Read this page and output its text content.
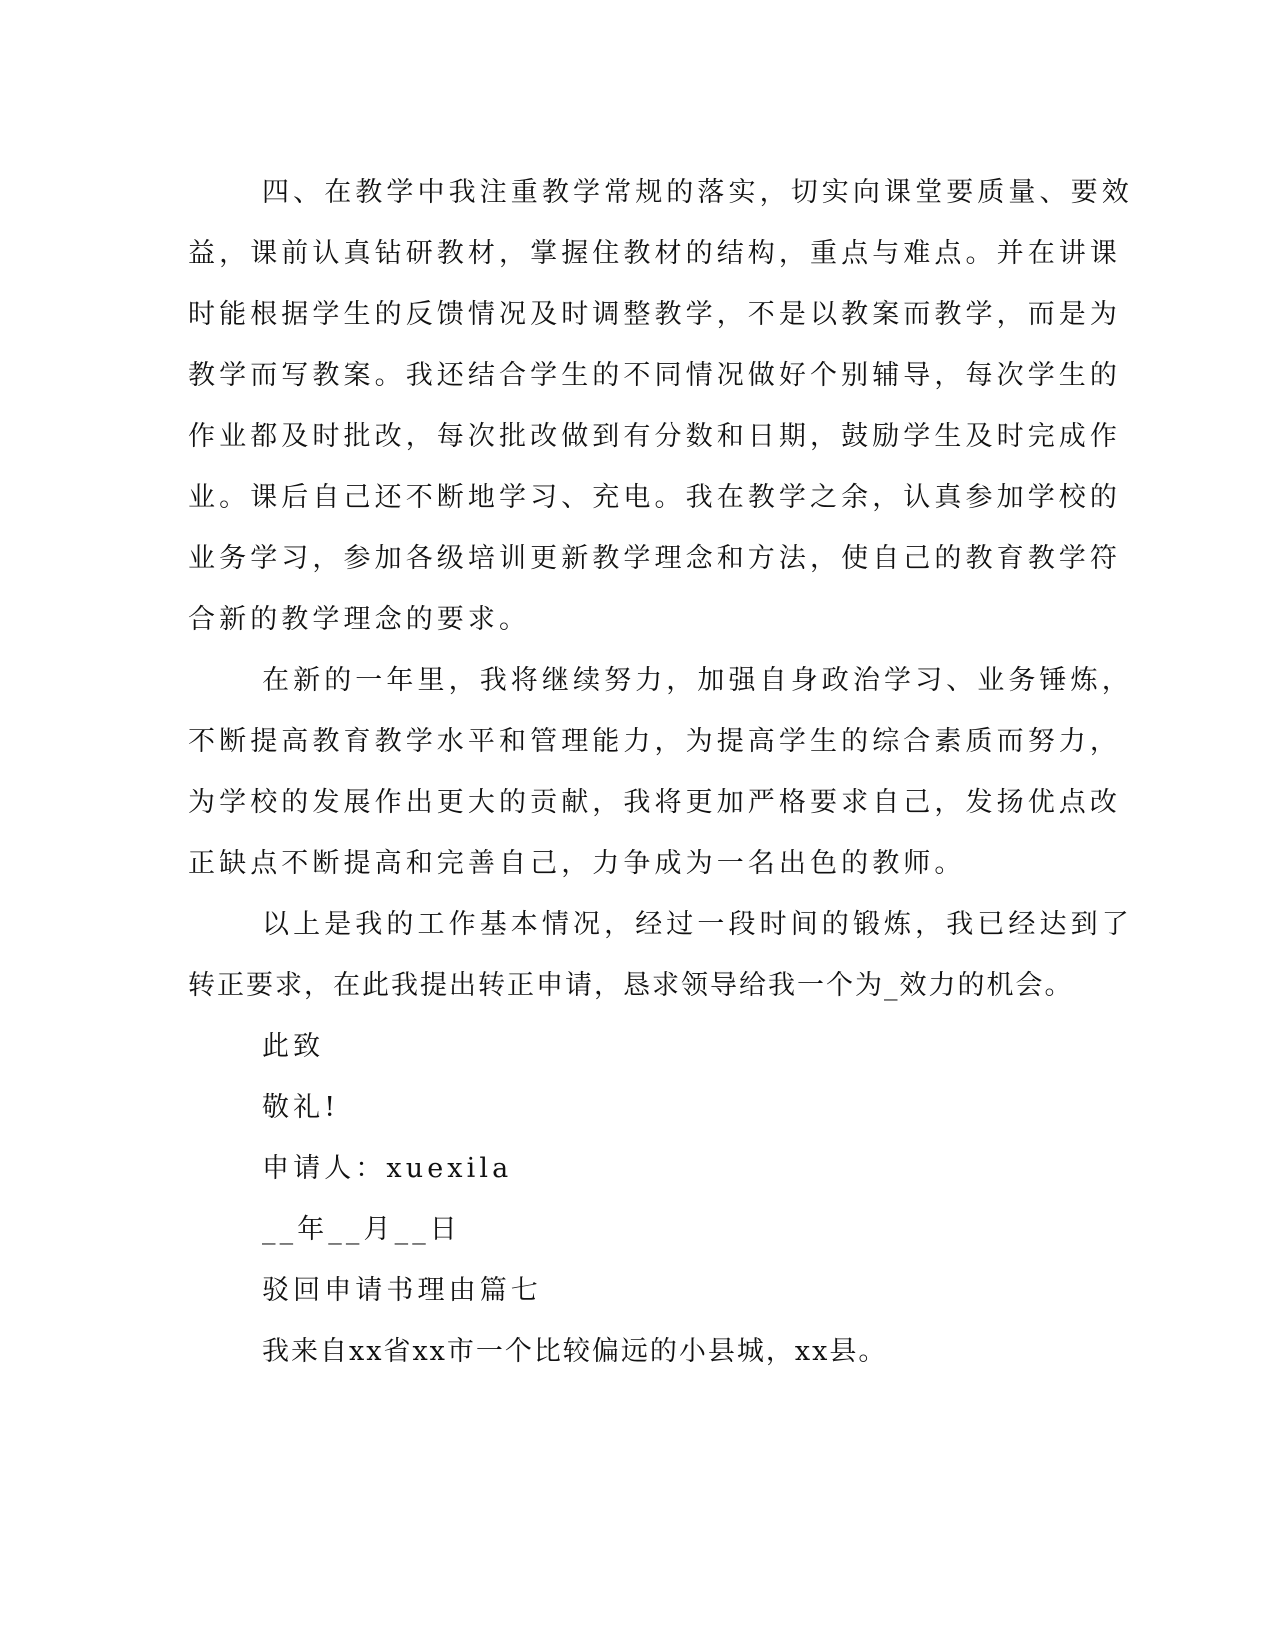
四、在教学中我注重教学常规的落实，切实向课堂要质量、要效
益，课前认真钻研教材，掌握住教材的结构，重点与难点。并在讲课
时能根据学生的反馈情况及时调整教学，不是以教案而教学，而是为
教学而写教案。我还结合学生的不同情况做好个别辅导，每次学生的
作业都及时批改，每次批改做到有分数和日期，鼓励学生及时完成作
业。课后自己还不断地学习、充电。我在教学之余，认真参加学校的
业务学习，参加各级培训更新教学理念和方法，使自己的教育教学符
合新的教学理念的要求。
在新的一年里，我将继续努力，加强自身政治学习、业务锤炼，
不断提高教育教学水平和管理能力，为提高学生的综合素质而努力，
为学校的发展作出更大的贡献，我将更加严格要求自己，发扬优点改
正缺点不断提高和完善自己，力争成为一名出色的教师。
以上是我的工作基本情况，经过一段时间的锻炼，我已经达到了
转正要求，在此我提出转正申请，恳求领导给我一个为_效力的机会。
此致
敬礼!
申请人：xuexila
__年__月__日
驳回申请书理由篇七
我来自xx省xx市一个比较偏远的小县城，xx县。
